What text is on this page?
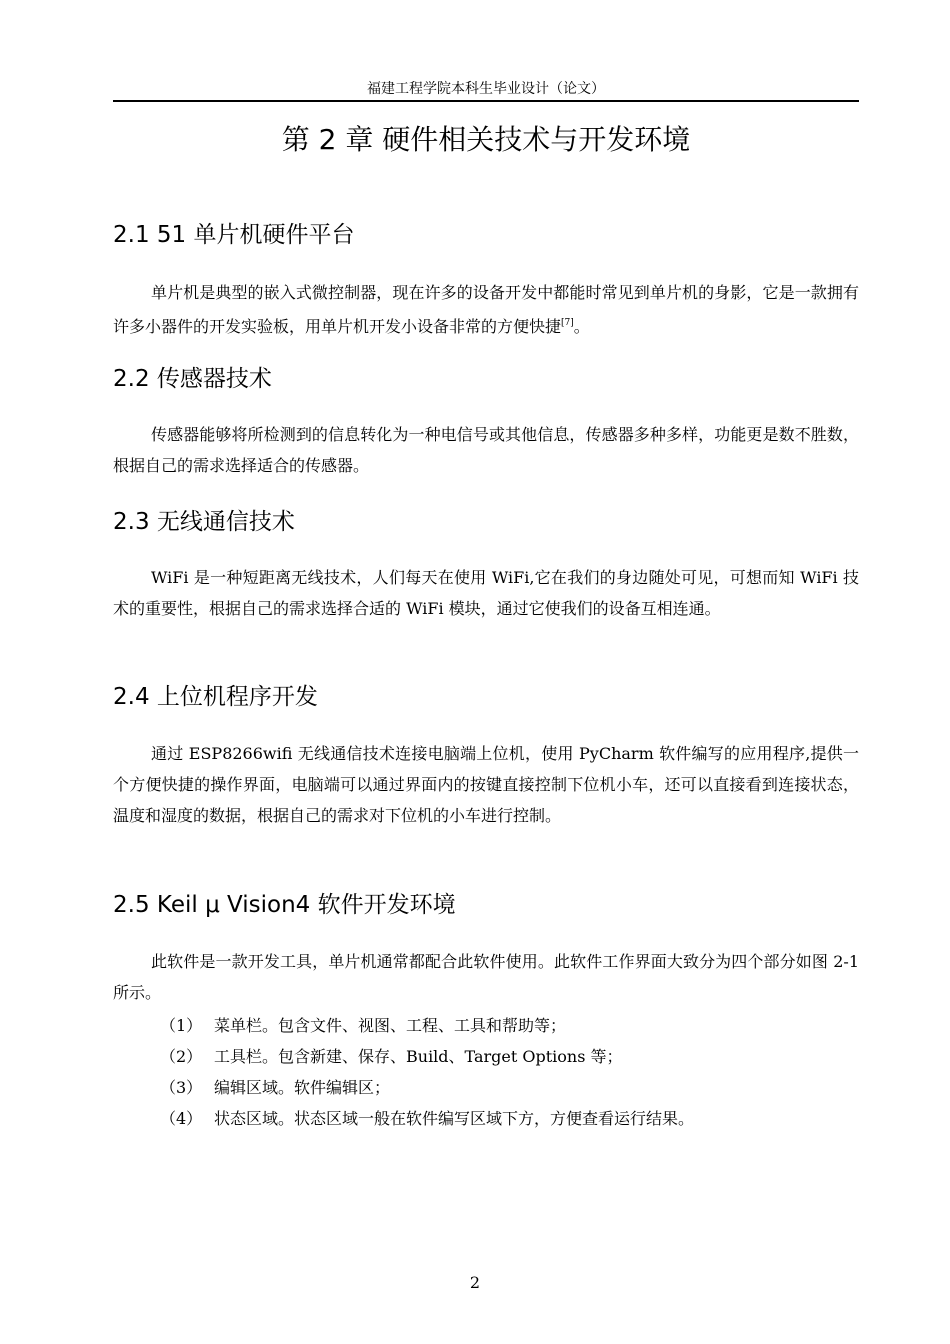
福建工程学院本科生毕业设计（论文）
第 2 章 硬件相关技术与开发环境
2.1 51 单片机硬件平台

单片机是典型的嵌入式微控制器，现在许多的设备开发中都能时常见到单片机的身影，它是一款拥有许多小器件的开发实验板，用单片机开发小设备非常的方便快捷[7]。

2.2 传感器技术

传感器能够将所检测到的信息转化为一种电信号或其他信息，传感器多种多样，功能更是数不胜数，根据自己的需求选择适合的传感器。

2.3 无线通信技术

WiFi 是一种短距离无线技术，人们每天在使用 WiFi,它在我们的身边随处可见，可想而知 WiFi 技术的重要性，根据自己的需求选择合适的 WiFi 模块，通过它使我们的设备互相连通。

2.4 上位机程序开发

通过 ESP8266wifi 无线通信技术连接电脑端上位机，使用 PyCharm 软件编写的应用程序,提供一个方便快捷的操作界面，电脑端可以通过界面内的按键直接控制下位机小车，还可以直接看到连接状态，温度和湿度的数据，根据自己的需求对下位机的小车进行控制。

2.5 Keil μ Vision4 软件开发环境

此软件是一款开发工具，单片机通常都配合此软件使用。此软件工作界面大致分为四个部分如图 2-1 所示。

（1） 菜单栏。包含文件、视图、工程、工具和帮助等；
（2） 工具栏。包含新建、保存、Build、Target Options 等；
（3） 编辑区域。软件编辑区；
（4） 状态区域。状态区域一般在软件编写区域下方，方便查看运行结果。
2
